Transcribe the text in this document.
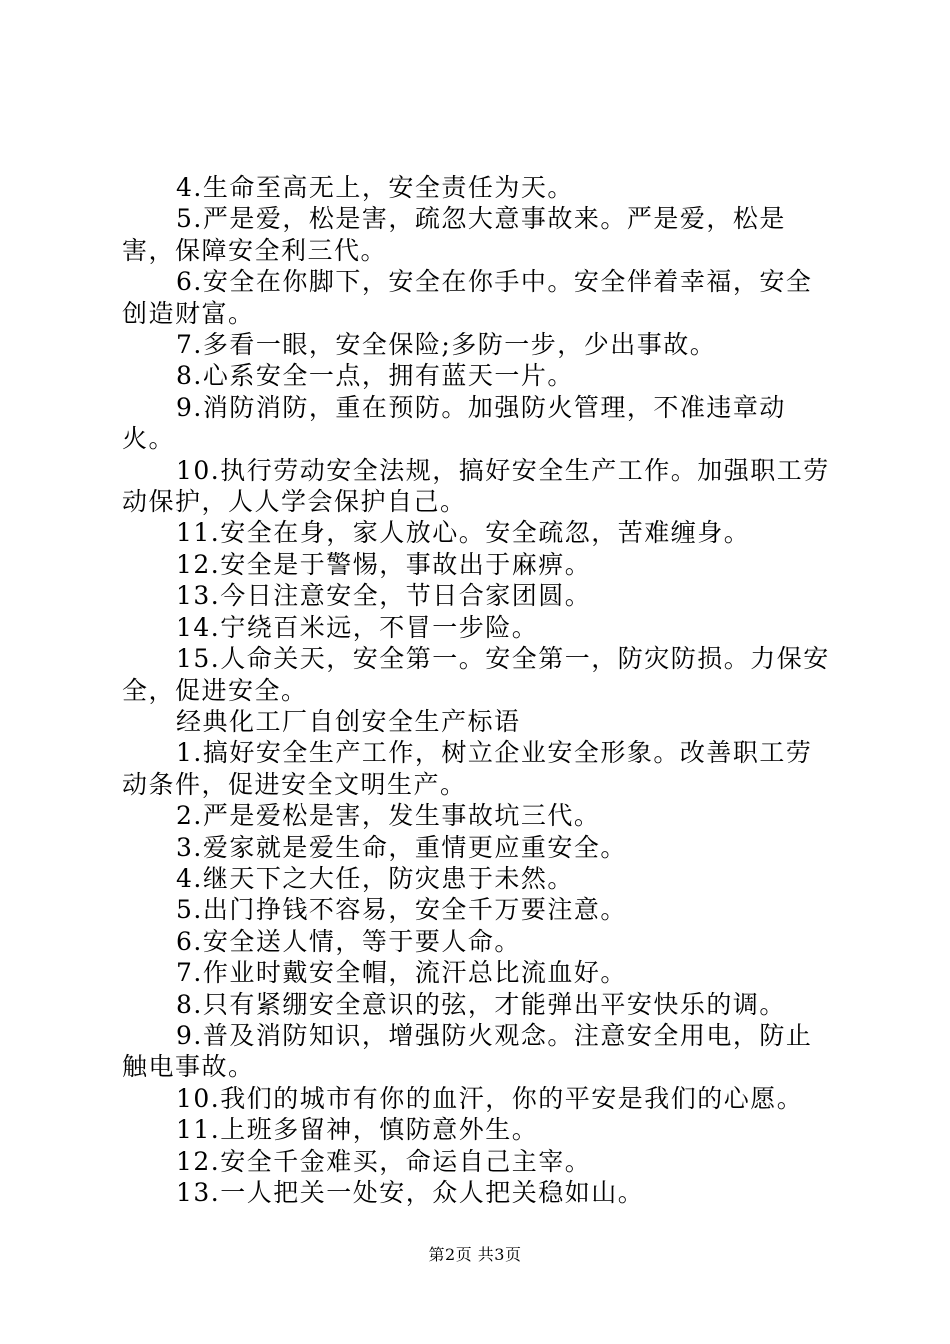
4.生命至高无上，安全责任为天。

5.严是爱，松是害，疏忽大意事故来。严是爱，松是害，保障安全利三代。

6.安全在你脚下，安全在你手中。安全伴着幸福，安全创造财富。

7.多看一眼，安全保险;多防一步，少出事故。

8.心系安全一点，拥有蓝天一片。

9.消防消防，重在预防。加强防火管理，不准违章动火。

10.执行劳动安全法规，搞好安全生产工作。加强职工劳动保护，人人学会保护自己。

11.安全在身，家人放心。安全疏忽，苦难缠身。

12.安全是于警惕，事故出于麻痹。

13.今日注意安全，节日合家团圆。

14.宁绕百米远，不冒一步险。

15.人命关天，安全第一。安全第一，防灾防损。力保安全，促进安全。

经典化工厂自创安全生产标语

1.搞好安全生产工作，树立企业安全形象。改善职工劳动条件，促进安全文明生产。

2.严是爱松是害，发生事故坑三代。

3.爱家就是爱生命，重情更应重安全。

4.继天下之大任，防灾患于未然。

5.出门挣钱不容易，安全千万要注意。

6.安全送人情，等于要人命。

7.作业时戴安全帽，流汗总比流血好。

8.只有紧绷安全意识的弦，才能弹出平安快乐的调。

9.普及消防知识，增强防火观念。注意安全用电，防止触电事故。

10.我们的城市有你的血汗，你的平安是我们的心愿。

11.上班多留神，慎防意外生。

12.安全千金难买，命运自己主宰。

13.一人把关一处安，众人把关稳如山。

第2页 共3页
